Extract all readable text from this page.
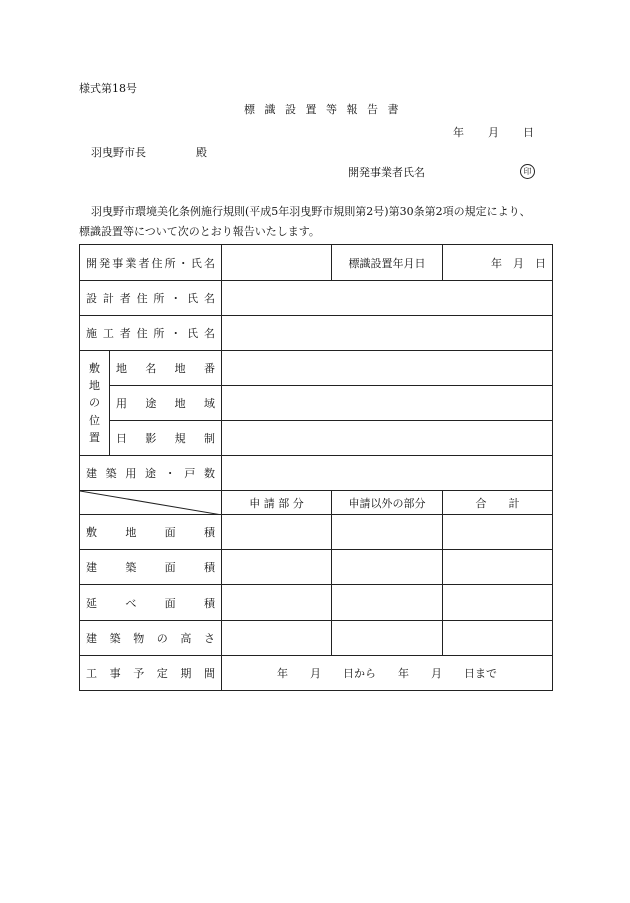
様式第18号
標 識 設 置 等 報 告 書
年 月 日
羽曳野市長	殿
開発事業者氏名	印
羽曳野市環境美化条例施行規則(平成5年羽曳野市規則第2号)第30条第2項の規定により、
標識設置等について次のとおり報告いたします。
開発事業者住所・氏名			標識設置年月日	年　月　日
設計者住所・氏名				
施工者住所・氏名				
敷
地
の
位
置	地 名 地 番			
	用 途 地 域			
	日 影 規 制			
建築用途・戸数				

	申 請 部 分	申請以外の部分	合　　計
敷 地 面 積				
建 築 面 積				
延 べ 面 積				
建 築 物 の 高 さ				
工 事 予 定 期 間		年　　月　　日から　　年　　月　　日まで		
